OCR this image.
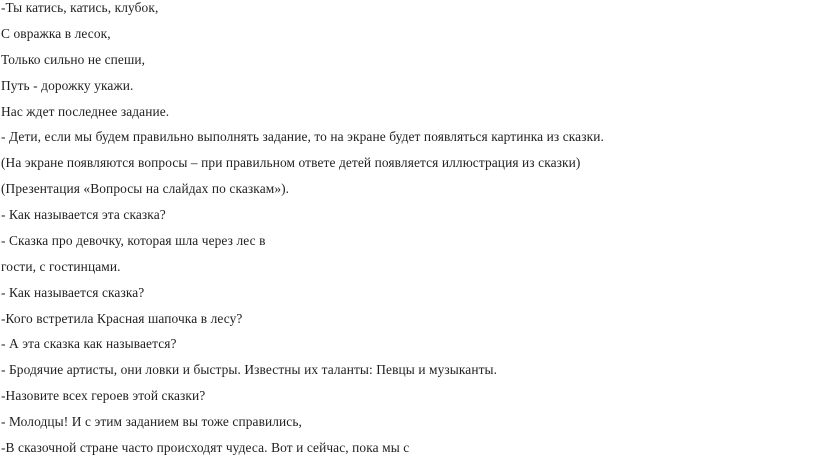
-Ты катись, катись, клубок,
С овражка в лесок,
Только сильно не спеши,
Путь - дорожку укажи.
Нас ждет последнее задание.
- Дети, если мы будем правильно выполнять задание, то на экране будет появляться картинка из сказки.
(На экране появляются вопросы – при правильном ответе детей появляется иллюстрация из сказки)
(Презентация «Вопросы на слайдах по сказкам»).
- Как называется эта сказка?
- Сказка про девочку, которая шла через лес в
гости, с гостинцами.
- Как называется сказка?
-Кого встретила Красная шапочка в лесу?
- А эта сказка как называется?
- Бродячие артисты, они ловки и быстры. Известны их таланты: Певцы и музыканты.
-Назовите всех героев этой сказки?
- Молодцы! И с этим заданием вы тоже справились,
-В сказочной стране часто происходят чудеса. Вот и сейчас, пока мы с
